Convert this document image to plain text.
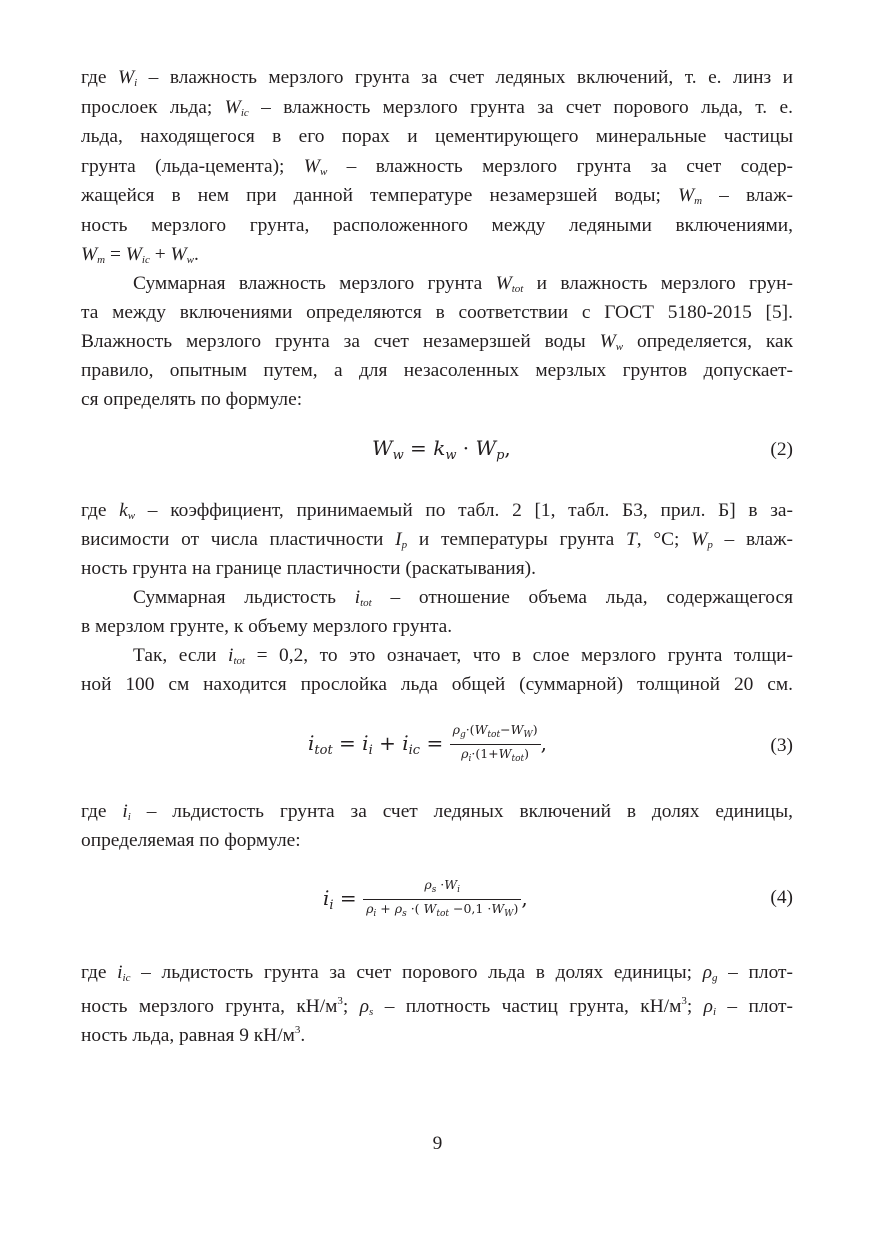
где $W_i$ – влажность мерзлого грунта за счет ледяных включений, т. е. линз и
прослоек льда; $W_{ic}$ – влажность мерзлого грунта за счет порового льда, т. е.
льда, находящегося в его порах и цементирующего минеральные частицы
грунта (льда-цемента); $W_w$ – влажность мерзлого грунта за счет содер-
жащейся в нем при данной температуре незамерзшей воды; $W_m$ – влаж-
ность мерзлого грунта, расположенного между ледяными включениями,
$W_m = W_{ic} + W_w$.
Суммарная влажность мерзлого грунта $W_{tot}$ и влажность мерзлого грун-
та между включениями определяются в соответствии с ГОСТ 5180-2015 [5].
Влажность мерзлого грунта за счет незамерзшей воды $W_w$ определяется, как
правило, опытным путем, а для незасоленных мерзлых грунтов допускает-
ся определять по формуле:
$W_w = k_w \cdot W_p$,	(2)
где $k_w$ – коэффициент, принимаемый по табл. 2 [1, табл. Б3, прил. Б] в за-
висимости от числа пластичности $I_p$ и температуры грунта T, °С; $W_p$ – влаж-
ность грунта на границе пластичности (раскатывания).
Суммарная льдистость $i_{tot}$ – отношение объема льда, содержащегося
в мерзлом грунте, к объему мерзлого грунта.
Так, если $i_{tot} = 0,2$, то это означает, что в слое мерзлого грунта толщи-
ной 100 см находится прослойка льда общей (суммарной) толщиной 20 см.
$i_{tot} = i_i + i_{ic} = \frac{\rho_g\cdot(W_{tot}-W_W)}{\rho_i\cdot(1+W_{tot})}$ ,	(3)
где $i_i$ – льдистость грунта за счет ледяных включений в долях единицы,
определяемая по формуле:
$i_i = \frac{\rho_s \cdot W_i}{\rho_i + \rho_s \cdot( W_{tot} -0,1 \cdot W_W)}$ ,	(4)
где $i_{ic}$ – льдистость грунта за счет порового льда в долях единицы; $\rho_g$ – плот-
ность мерзлого грунта, $кН/м^3$; $\rho_s$ – плотность частиц грунта, $кН/м^3$; $\rho_i$ – плот-
ность льда, равная 9 $кН/м^3$.
9
